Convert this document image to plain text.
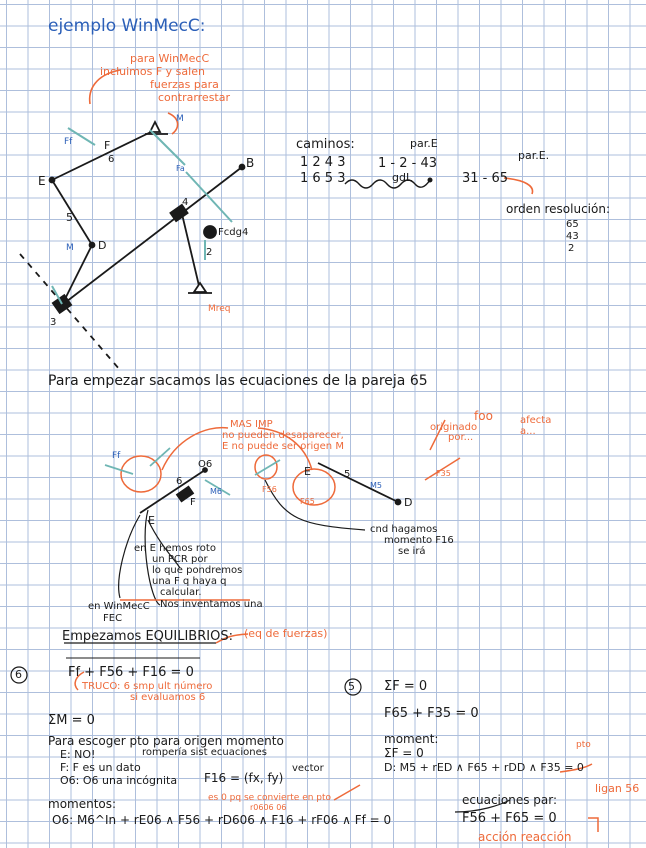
ejemplo WinMecC:
para WinMecC
incluimos F y salen
fuerzas para
contrarrestar
E
F
6	B
5
D
4
2
3
Fcdg4
M
M
Ff
Fa
Mreq
caminos:
1 2 4 3
1 6 5 3
par.E
1 - 2 - 43
gdL
par.E.
31 - 65
orden resolución:
65
43
2
Para empezar sacamos las ecuaciones de la pareja 65
MAS IMP
no pueden desaparecer,
E no puede ser origen M
foo
originado
por...
afecta
a...
O6
E
E
F	D
6
5
Ff
M6
M5
F56
F65
F35
en E hemos roto
un PCR por
lo que pondremos
una F q haya q
calcular.
Nos inventamos una
en WinMecC
FEC
cnd hagamos
momento F16
se irá
Empezamos EQUILIBRIOS: (eq de fuerzas)
6	Ff + F56 + F16 = 0
TRUCO: 6 smp ult número
si evaluamos 6
ΣM = 0
Para escoger pto para origen momento
E: NO!	rompería sist ecuaciones
F: F es un dato
O6: O6 una incógnita F16 = (fx, fy)
vector
momentos:	es 0 pq se convierte en pto
r0606 06
O6: M6^In + rE06 ∧ F56 + rD606 ∧ F16 + rF06 ∧ Ff = 0
5 ΣF = 0
F65 + F35 = 0
moment:
ΣF = 0
pto
D: M5 + rED ∧ F65 + rDD ∧ F35 = 0
ecuaciones par:
ligan 56
F56 + F65 = 0
acción reacción
